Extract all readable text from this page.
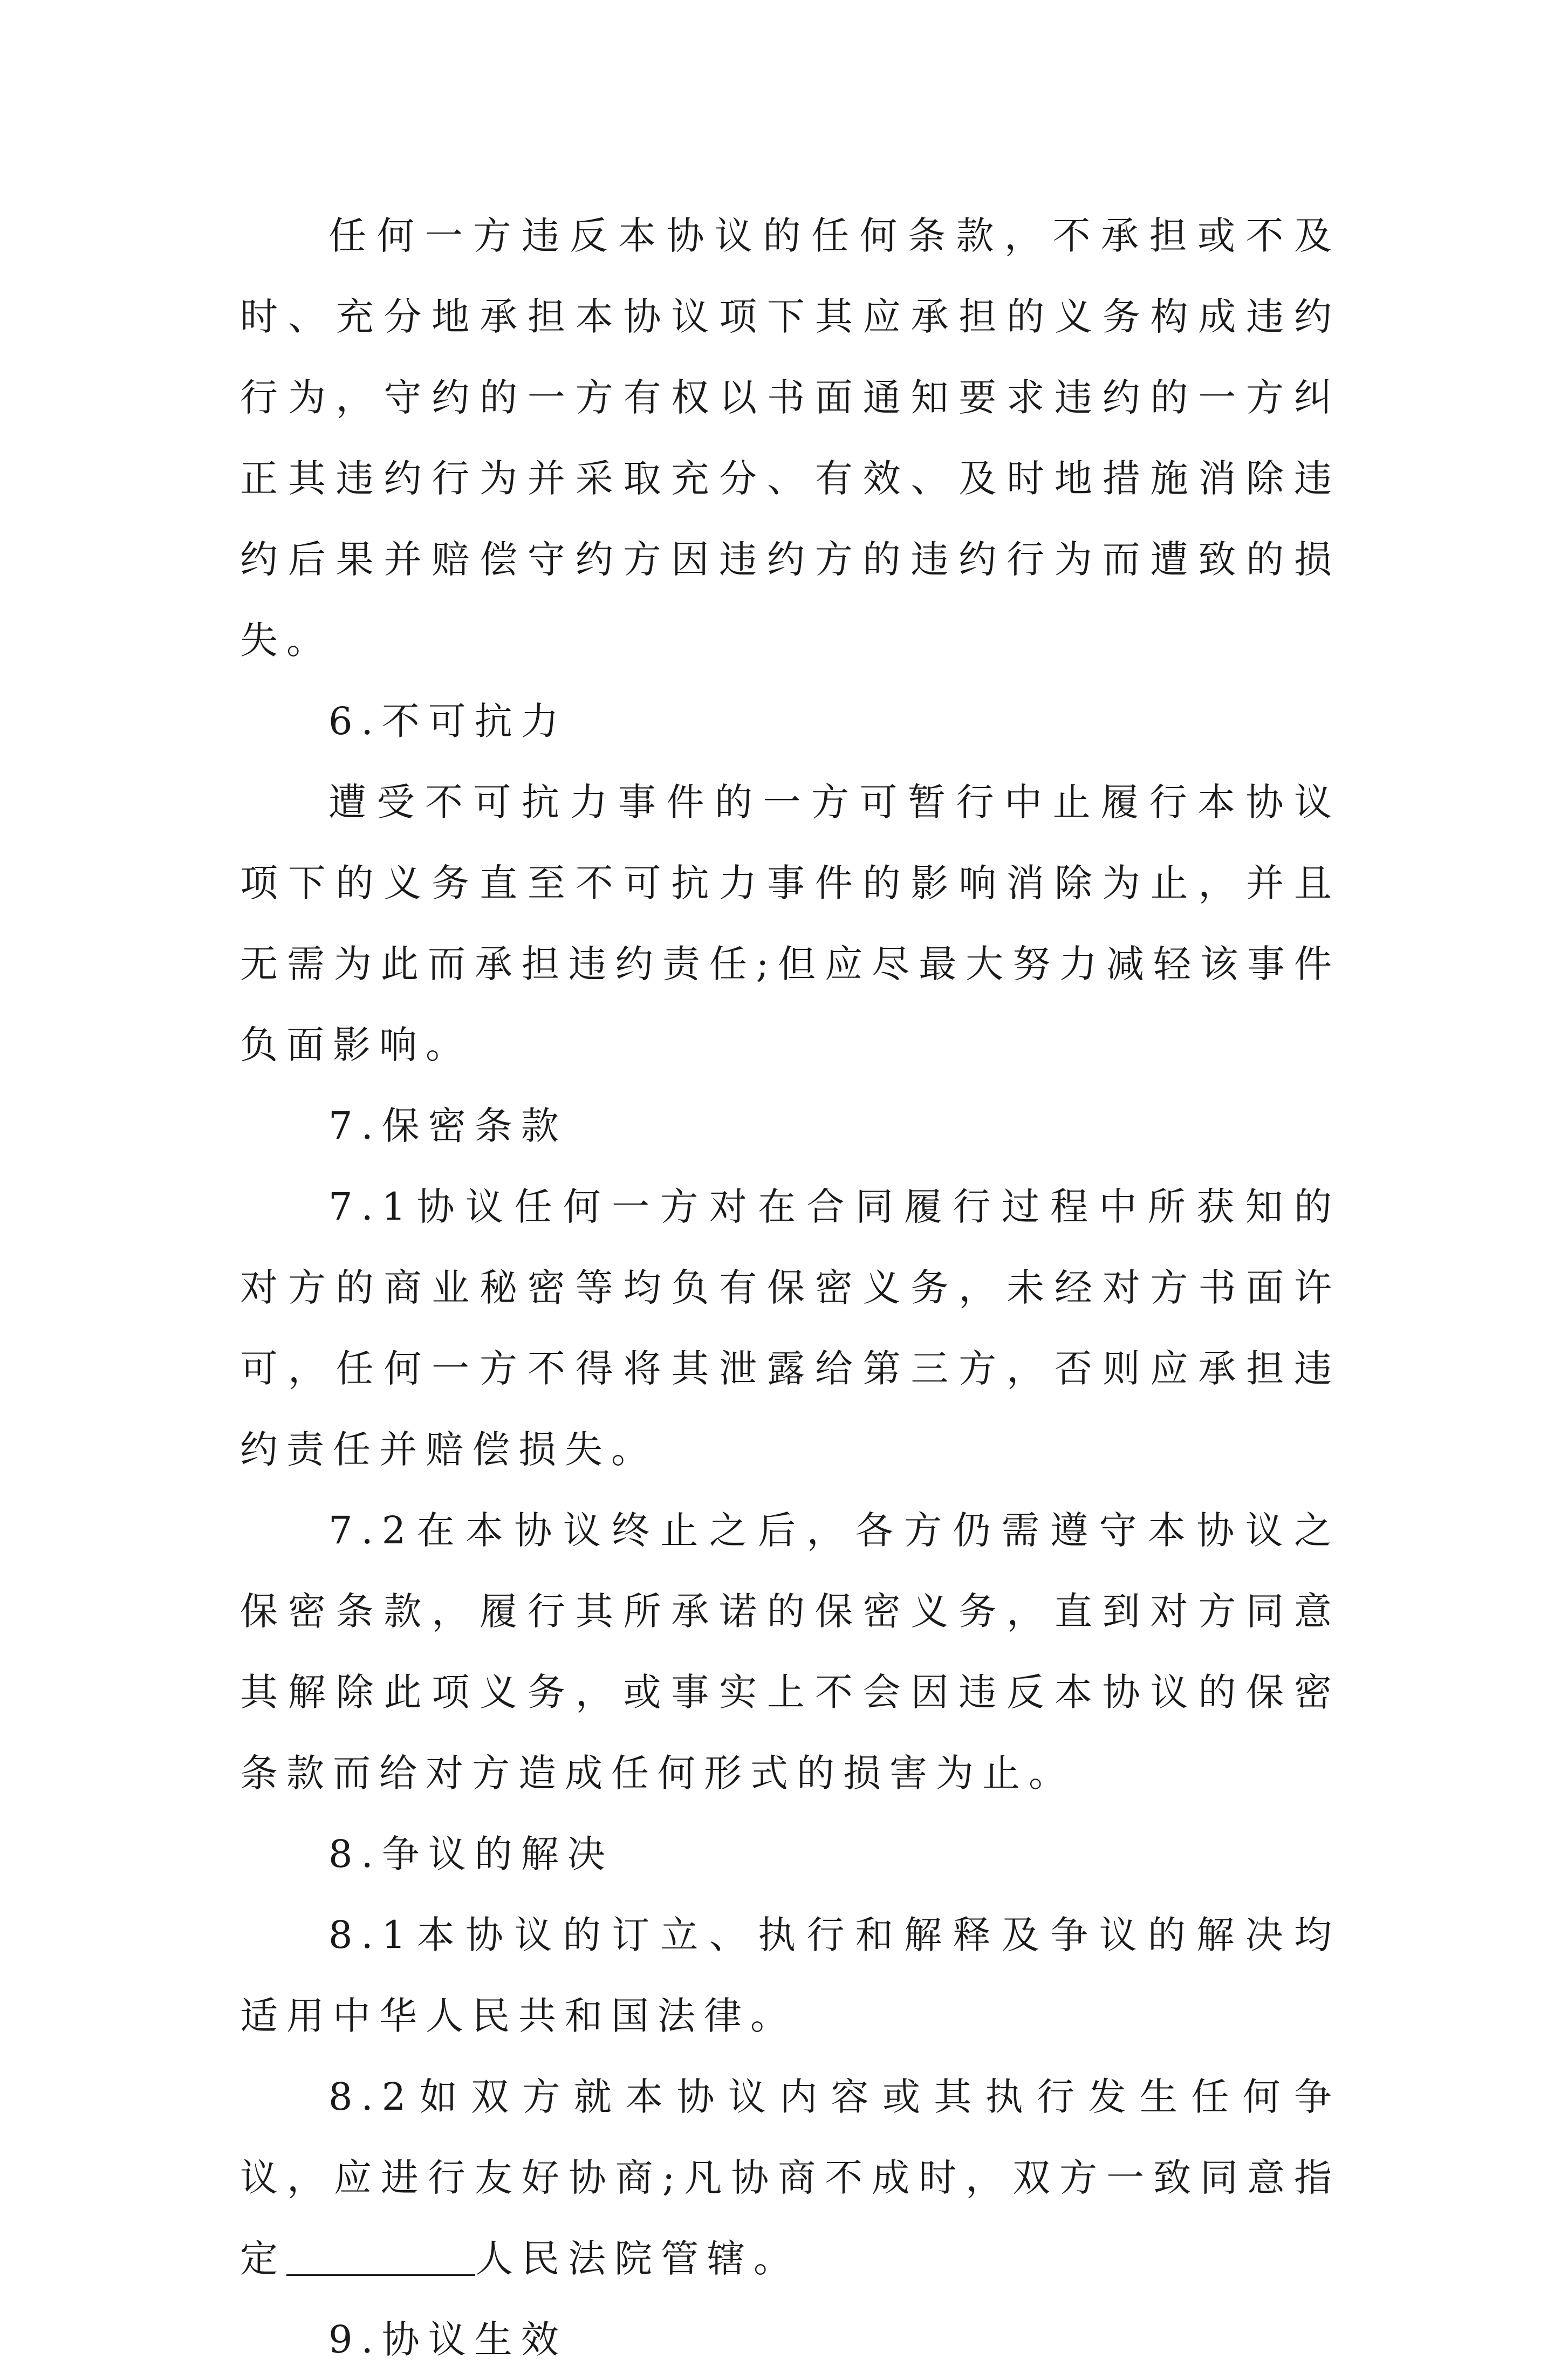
任何一方违反本协议的任何条款，不承担或不及时、充分地承担本协议项下其应承担的义务构成违约行为，守约的一方有权以书面通知要求违约的一方纠正其违约行为并采取充分、有效、及时地措施消除违约后果并赔偿守约方因违约方的违约行为而遭致的损失。

6.不可抗力

遭受不可抗力事件的一方可暂行中止履行本协议项下的义务直至不可抗力事件的影响消除为止，并且无需为此而承担违约责任;但应尽最大努力减轻该事件负面影响。

7.保密条款

7.1协议任何一方对在合同履行过程中所获知的对方的商业秘密等均负有保密义务，未经对方书面许可，任何一方不得将其泄露给第三方，否则应承担违约责任并赔偿损失。

7.2在本协议终止之后，各方仍需遵守本协议之保密条款，履行其所承诺的保密义务，直到对方同意其解除此项义务，或事实上不会因违反本协议的保密条款而给对方造成任何形式的损害为止。

8.争议的解决

8.1本协议的订立、执行和解释及争议的解决均适用中华人民共和国法律。

8.2如双方就本协议内容或其执行发生任何争议，应进行友好协商;凡协商不成时，双方一致同意指定	人民法院管辖。

9.协议生效
